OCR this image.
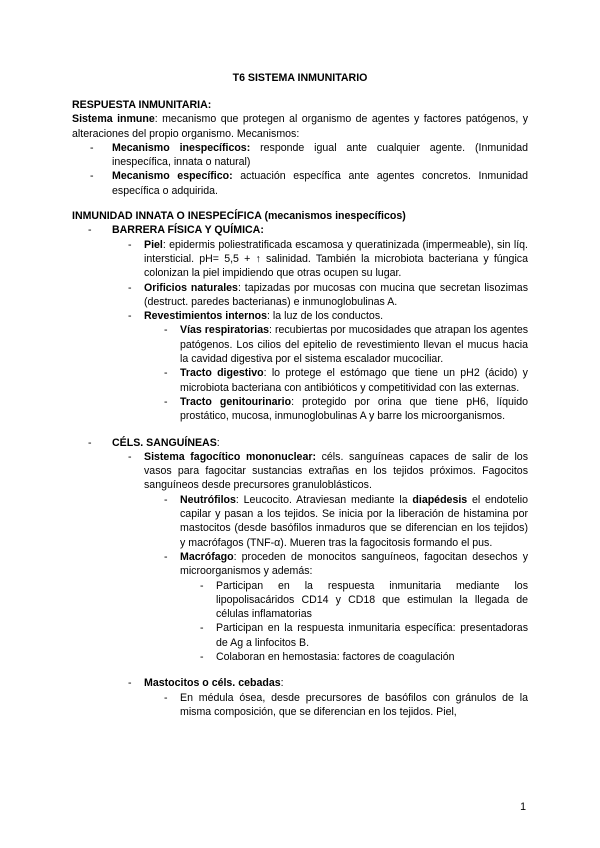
T6 SISTEMA INMUNITARIO

RESPUESTA INMUNITARIA:

Sistema inmune: mecanismo que protegen al organismo de agentes y factores patógenos, y alteraciones del propio organismo. Mecanismos:

- Mecanismo inespecíficos: responde igual ante cualquier agente. (Inmunidad inespecífica, innata o natural)

- Mecanismo específico: actuación específica ante agentes concretos. Inmunidad específica o adquirida.

INMUNIDAD INNATA O INESPECÍFICA (mecanismos inespecíficos)

- BARRERA FÍSICA Y QUÍMICA:

- Piel: epidermis poliestratificada escamosa y queratinizada (impermeable), sin líq. intersticial. pH= 5,5 + ↑ salinidad. También la microbiota bacteriana y fúngica colonizan la piel impidiendo que otras ocupen su lugar.

- Orificios naturales: tapizadas por mucosas con mucina que secretan lisozimas (destruct. paredes bacterianas) e inmunoglobulinas A.

- Revestimientos internos: la luz de los conductos.

- Vías respiratorias: recubiertas por mucosidades que atrapan los agentes patógenos. Los cilios del epitelio de revestimiento llevan el mucus hacia la cavidad digestiva por el sistema escalador mucociliar.

- Tracto digestivo: lo protege el estómago que tiene un pH2 (ácido) y microbiota bacteriana con antibióticos y competitividad con las externas.

- Tracto genitourinario: protegido por orina que tiene pH6, líquido prostático, mucosa, inmunoglobulinas A y barre los microorganismos.

- CÉLS. SANGUÍNEAS:

- Sistema fagocítico mononuclear: céls. sanguíneas capaces de salir de los vasos para fagocitar sustancias extrañas en los tejidos próximos. Fagocitos sanguíneos desde precursores granuloblásticos.

- Neutrófilos: Leucocito. Atraviesan mediante la diapédesis el endotelio capilar y pasan a los tejidos. Se inicia por la liberación de histamina por mastocitos (desde basófilos inmaduros que se diferencian en los tejidos) y macrófagos (TNF-α). Mueren tras la fagocitosis formando el pus.

- Macrófago: proceden de monocitos sanguíneos, fagocitan desechos y microorganismos y además:

- Participan en la respuesta inmunitaria mediante los lipopolisacáridos CD14 y CD18 que estimulan la llegada de células inflamatorias

- Participan en la respuesta inmunitaria específica: presentadoras de Ag a linfocitos B.

- Colaboran en hemostasia: factores de coagulación

- Mastocitos o céls. cebadas:

- En médula ósea, desde precursores de basófilos con gránulos de la misma composición, que se diferencian en los tejidos. Piel,

1
